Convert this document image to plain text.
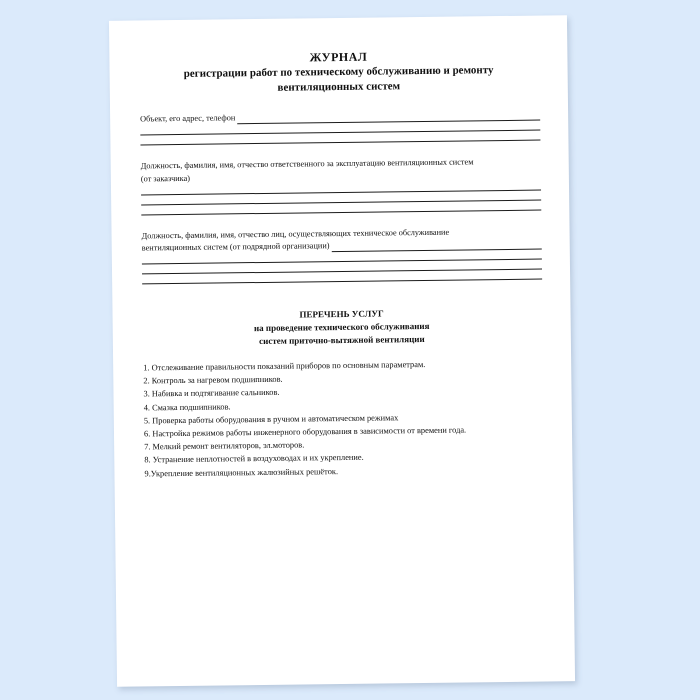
ЖУРНАЛ
регистрации работ по техническому обслуживанию и ремонту
вентиляционных систем
Объект, его адрес, телефон

Должность, фамилия, имя, отчество ответственного за эксплуатацию вентиляционных систем

(от заказчика)

Должность, фамилия, имя, отчество лиц, осуществляющих техническое обслуживание

вентиляционных систем (от подрядной организации)
ПЕРЕЧЕНЬ УСЛУГ
на проведение технического обслуживания
систем приточно-вытяжной вентиляции
1. Отслеживание правильности показаний приборов по основным параметрам.
2. Контроль за нагревом подшипников.
3. Набивка и подтягивание сальников.
4. Смазка подшипников.
5. Проверка работы оборудования в ручном и автоматическом режимах
6. Настройка режимов работы инженерного оборудования в зависимости от времени года.
7. Мелкий ремонт вентиляторов, эл.моторов.
8. Устранение неплотностей в воздуховодах и их укрепление.
9.Укрепление вентиляционных жалюзийных решёток.
